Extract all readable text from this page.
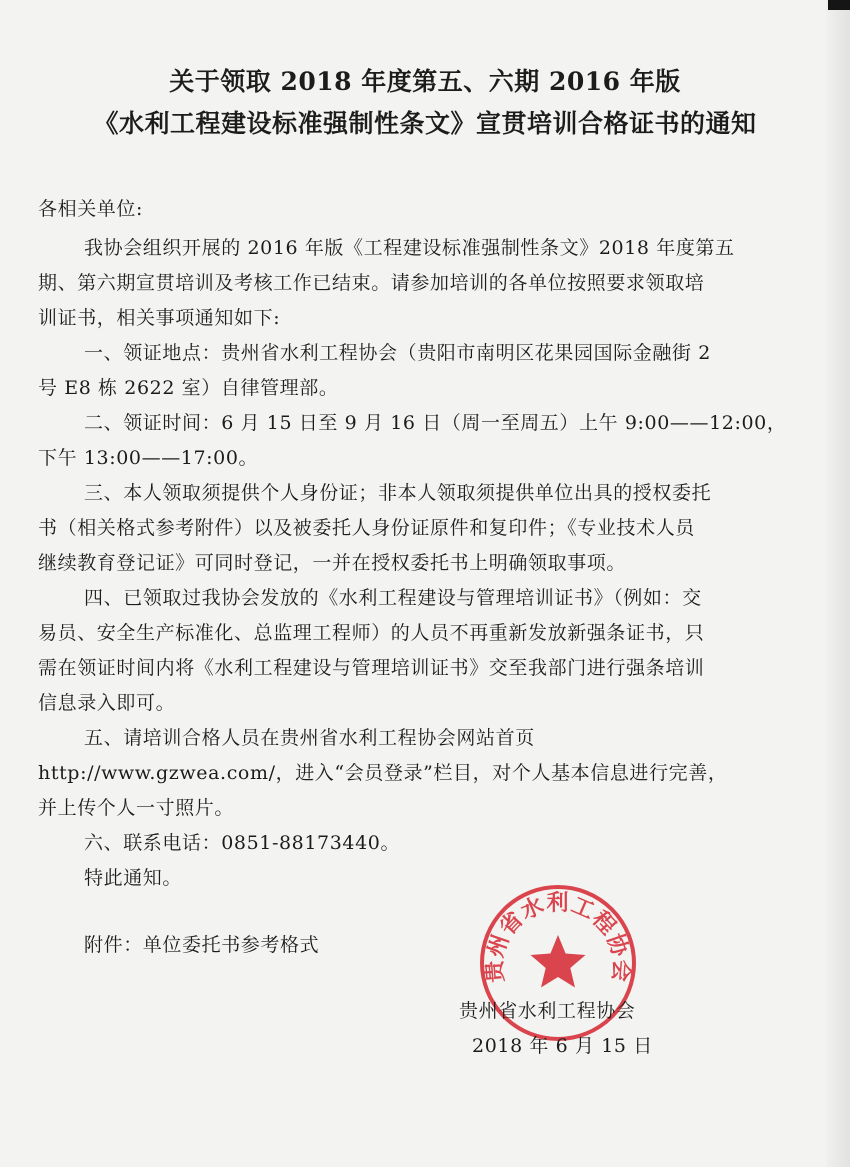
关于领取 2018 年度第五、六期 2016 年版
《水利工程建设标准强制性条文》宣贯培训合格证书的通知
各相关单位:
我协会组织开展的 2016 年版《工程建设标准强制性条文》2018 年度第五
期、第六期宣贯培训及考核工作已结束。请参加培训的各单位按照要求领取培
训证书，相关事项通知如下:
一、领证地点：贵州省水利工程协会（贵阳市南明区花果园国际金融街 2
号 E8 栋 2622 室）自律管理部。
二、领证时间：6 月 15 日至 9 月 16 日（周一至周五）上午 9:00——12:00，
下午 13:00——17:00。
三、本人领取须提供个人身份证；非本人领取须提供单位出具的授权委托
书（相关格式参考附件）以及被委托人身份证原件和复印件；《专业技术人员
继续教育登记证》可同时登记，一并在授权委托书上明确领取事项。
四、已领取过我协会发放的《水利工程建设与管理培训证书》（例如：交
易员、安全生产标准化、总监理工程师）的人员不再重新发放新强条证书，只
需在领证时间内将《水利工程建设与管理培训证书》交至我部门进行强条培训
信息录入即可。
五、请培训合格人员在贵州省水利工程协会网站首页
http://www.gzwea.com/，进入“会员登录”栏目，对个人基本信息进行完善，
并上传个人一寸照片。
六、联系电话：0851-88173440。
特此通知。
附件：单位委托书参考格式
贵州省水利工程协会
贵州省水利工程协会
2018 年 6 月 15 日
